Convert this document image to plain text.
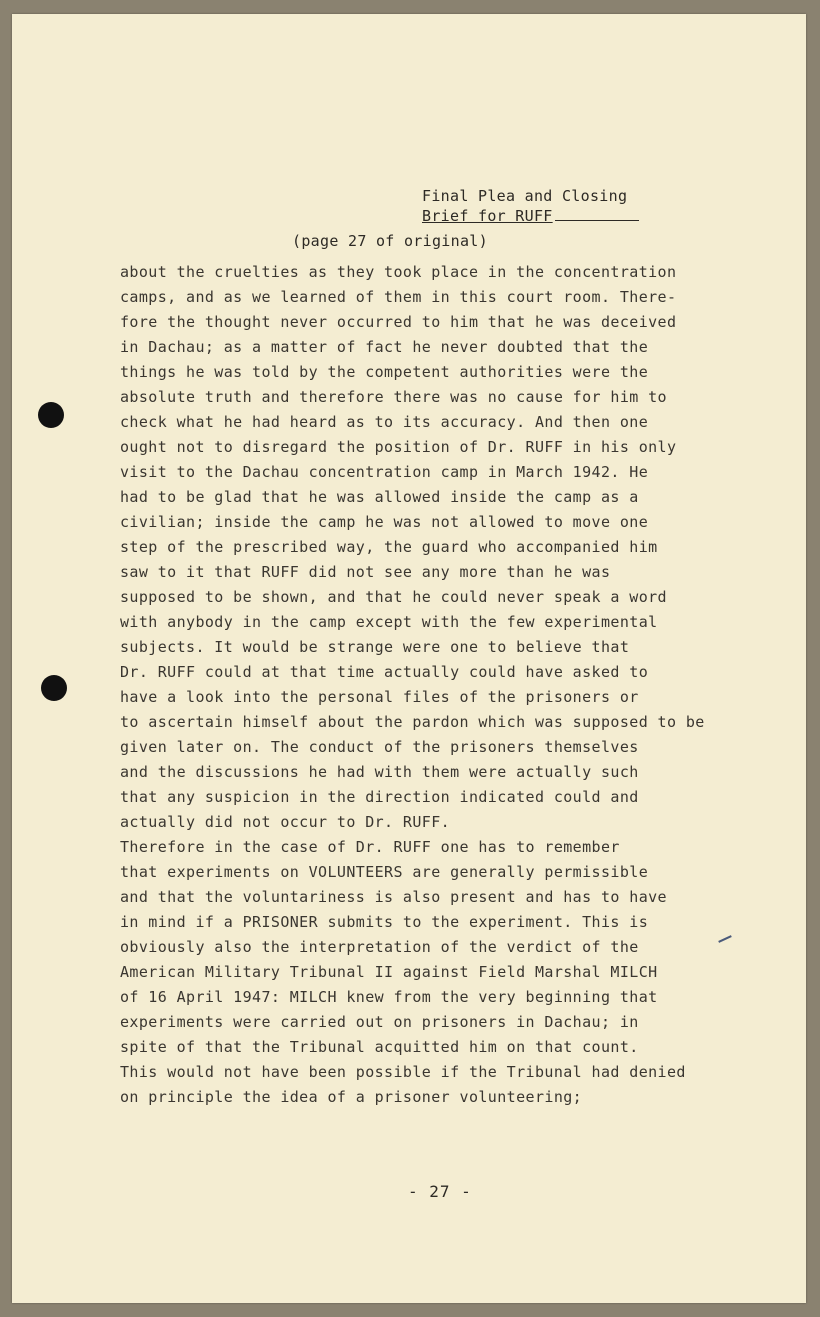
Final Plea and Closing
Brief for RUFF
(page 27 of original)
about the cruelties as they took place in the concentration
camps, and as we learned of them in this court room. There-
fore the thought never occurred to him that he was deceived
in Dachau; as a matter of fact he never doubted that the
things he was told by the competent authorities were the
absolute truth and therefore there was no cause for him to
check what he had heard as to its accuracy. And then one
ought not to disregard the position of Dr. RUFF in his only
visit to the Dachau concentration camp in March 1942. He
had to be glad that he was allowed inside the camp as a
civilian; inside the camp he was not allowed to move one
step of the prescribed way, the guard who accompanied him
saw to it that RUFF did not see any more than he was
supposed to be shown, and that he could never speak a word
with anybody in the camp except with the few experimental
subjects. It would be strange were one to believe that
Dr. RUFF could at that time actually could have asked to
have a look into the personal files of the prisoners or
to ascertain himself about the pardon which was supposed to be
given later on. The conduct of the prisoners themselves
and the discussions he had with them were actually such
that any suspicion in the direction indicated could and
actually did not occur to Dr. RUFF.
Therefore in the case of Dr. RUFF one has to remember
that experiments on VOLUNTEERS are generally permissible
and that the voluntariness is also present and has to have
in mind if a PRISONER submits to the experiment. This is
obviously also the interpretation of the verdict of the
American Military Tribunal II against Field Marshal MILCH
of 16 April 1947: MILCH knew from the very beginning that
experiments were carried out on prisoners in Dachau; in
spite of that the Tribunal acquitted him on that count.
This would not have been possible if the Tribunal had denied
on principle the idea of a prisoner volunteering;
- 27 -
